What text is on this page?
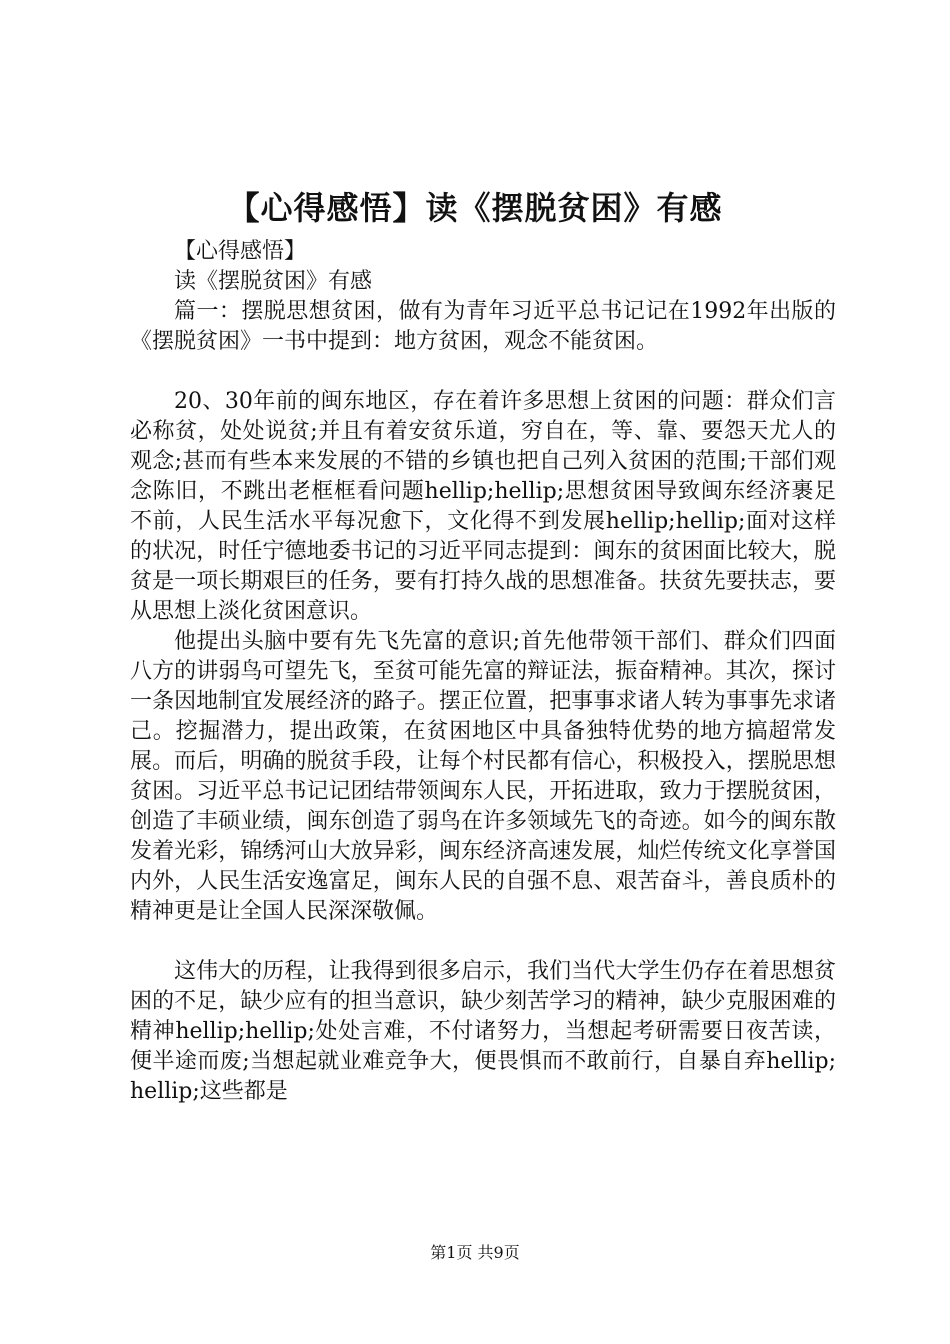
【心得感悟】读《摆脱贫困》有感

【心得感悟】

读《摆脱贫困》有感

篇一：摆脱思想贫困，做有为青年习近平总书记记在1992年出版的《摆脱贫困》一书中提到：地方贫困，观念不能贫困。

20、30年前的闽东地区，存在着许多思想上贫困的问题：群众们言必称贫，处处说贫;并且有着安贫乐道，穷自在，等、靠、要怨天尤人的观念;甚而有些本来发展的不错的乡镇也把自己列入贫困的范围;干部们观念陈旧，不跳出老框框看问题hellip;hellip;思想贫困导致闽东经济裹足不前，人民生活水平每况愈下，文化得不到发展hellip;hellip;面对这样的状况，时任宁德地委书记的习近平同志提到：闽东的贫困面比较大，脱贫是一项长期艰巨的任务，要有打持久战的思想准备。扶贫先要扶志，要从思想上淡化贫困意识。

他提出头脑中要有先飞先富的意识;首先他带领干部们、群众们四面八方的讲弱鸟可望先飞，至贫可能先富的辩证法，振奋精神。其次，探讨一条因地制宜发展经济的路子。摆正位置，把事事求诸人转为事事先求诸己。挖掘潜力，提出政策，在贫困地区中具备独特优势的地方搞超常发展。而后，明确的脱贫手段，让每个村民都有信心，积极投入，摆脱思想贫困。习近平总书记记团结带领闽东人民，开拓进取，致力于摆脱贫困，创造了丰硕业绩，闽东创造了弱鸟在许多领域先飞的奇迹。如今的闽东散发着光彩，锦绣河山大放异彩，闽东经济高速发展，灿烂传统文化享誉国内外，人民生活安逸富足，闽东人民的自强不息、艰苦奋斗，善良质朴的精神更是让全国人民深深敬佩。

这伟大的历程，让我得到很多启示，我们当代大学生仍存在着思想贫困的不足，缺少应有的担当意识，缺少刻苦学习的精神，缺少克服困难的精神hellip;hellip;处处言难，不付诸努力，当想起考研需要日夜苦读，便半途而废;当想起就业难竞争大，便畏惧而不敢前行，自暴自弃hellip;hellip;这些都是

第1页 共9页
